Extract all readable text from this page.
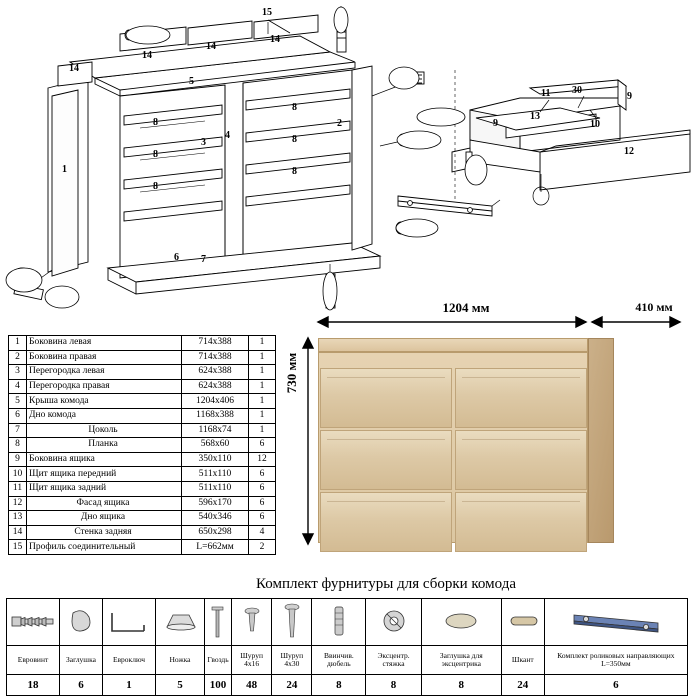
1
2
3
4
5
6 7
8
8
8
8
8
8
9
9
10
11
12
13
14
14
14
14
15
30
1	Боковина левая	714х388	1
2	Боковина правая	714х388	1
3	Перегородка левая	624х388	1
4	Перегородка правая	624х388	1
5	Крыша комода	1204х406	1
6	Дно комода	1168х388	1
7	Цоколь	1168х74	1
8	Планка	568х60	6
9	Боковина ящика	350х110	12
10	Щит ящика передний	511х110	6
11	Щит ящика задний	511х110	6
12	Фасад ящика	596х170	6
13	Дно ящика	540х346	6
14	Стенка задняя	650х298	4
15	Профиль соединительный	L=662мм	2
1204 мм	410 мм
730 мм
Комплект фурнитуры для сборки комода

Евровинт	Заглушка	Евроключ	Ножка	Гвоздь	Шуруп 4х16	Шуруп 4х30	Ввинчив. дюбель	Эксцентр. стяжка	Заглушка для эксцентрика	Шкант	Комплект роликовых направляющих L=350мм
18	6	1	5	100	48	24	8	8	8	24	6
